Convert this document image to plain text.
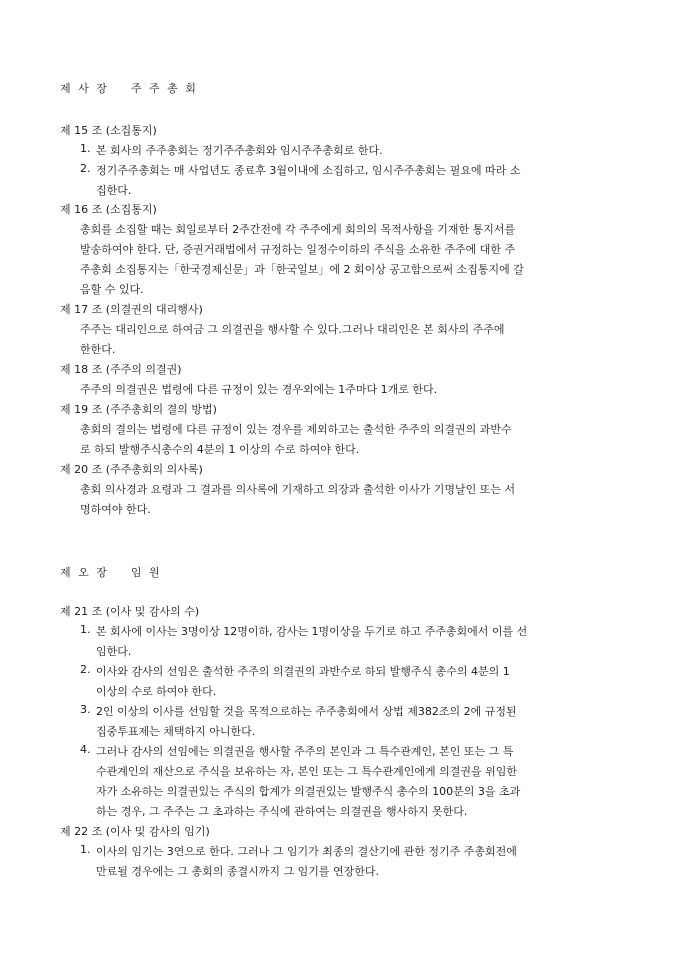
제 사 장 주 주 총 회
제 15 조 (소집통지)
1. 본 회사의 주주총회는 정기주주총회와 임시주주총회로 한다.
2. 정기주주총회는 매 사업년도 종료후 3월이내에 소집하고, 임시주주총회는 필요에 따라 소
집한다.
제 16 조 (소집통지)
총회를 소집할 때는 회일로부터 2주간전에 각 주주에게 회의의 목적사항을 기재한 통지서를
발송하여야 한다. 단, 증권거래법에서 규정하는 일정수이하의 주식을 소유한 주주에 대한 주
주총회 소집통지는「한국경제신문」과「한국일보」에 2 회이상 공고함으로써 소집통지에 갈
음할 수 있다.
제 17 조 (의결권의 대리행사)
주주는 대리인으로 하여금 그 의결권을 행사할 수 있다.그러나 대리인은 본 회사의 주주에
한한다.
제 18 조 (주주의 의결권)
주주의 의결권은 법령에 다른 규정이 있는 경우외에는 1주마다 1개로 한다.
제 19 조 (주주총회의 결의 방법)
총회의 결의는 법령에 다른 규정이 있는 경우를 제외하고는 출석한 주주의 의결권의 과반수
로 하되 발행주식총수의 4분의 1 이상의 수로 하여야 한다.
제 20 조 (주주총회의 의사록)
총회 의사경과 요령과 그 결과를 의사록에 기재하고 의장과 출석한 이사가 기명날인 또는 서
명하여야 한다.
제 오 장 임 원
제 21 조 (이사 및 감사의 수)
1. 본 회사에 이사는 3명이상 12명이하, 감사는 1명이상을 두기로 하고 주주총회에서 이를 선
임한다.
2. 이사와 감사의 선임은 출석한 주주의 의결권의 과반수로 하되 발행주식 총수의 4분의 1
이상의 수로 하여야 한다.
3. 2인 이상의 이사를 선임할 것을 목적으로하는 주주총회에서 상법 제382조의 2에 규정된
집중투표제는 채택하지 아니한다.
4. 그러나 감사의 선임에는 의결권을 행사할 주주의 본인과 그 특수관계인, 본인 또는 그 특
수관계인의 재산으로 주식을 보유하는 자, 본인 또는 그 특수관계인에게 의결권을 위임한
자가 소유하는 의결권있는 주식의 합계가 의결권있는 발행주식 총수의 100분의 3을 초과
하는 경우, 그 주주는 그 초과하는 주식에 관하여는 의결권을 행사하지 못한다.
제 22 조 (이사 및 감사의 임기)
1. 이사의 임기는 3연으로 한다. 그러나 그 임기가 최종의 결산기에 관한 정기주 주총회전에
만료될 경우에는 그 총회의 종결시까지 그 임기를 연장한다.
